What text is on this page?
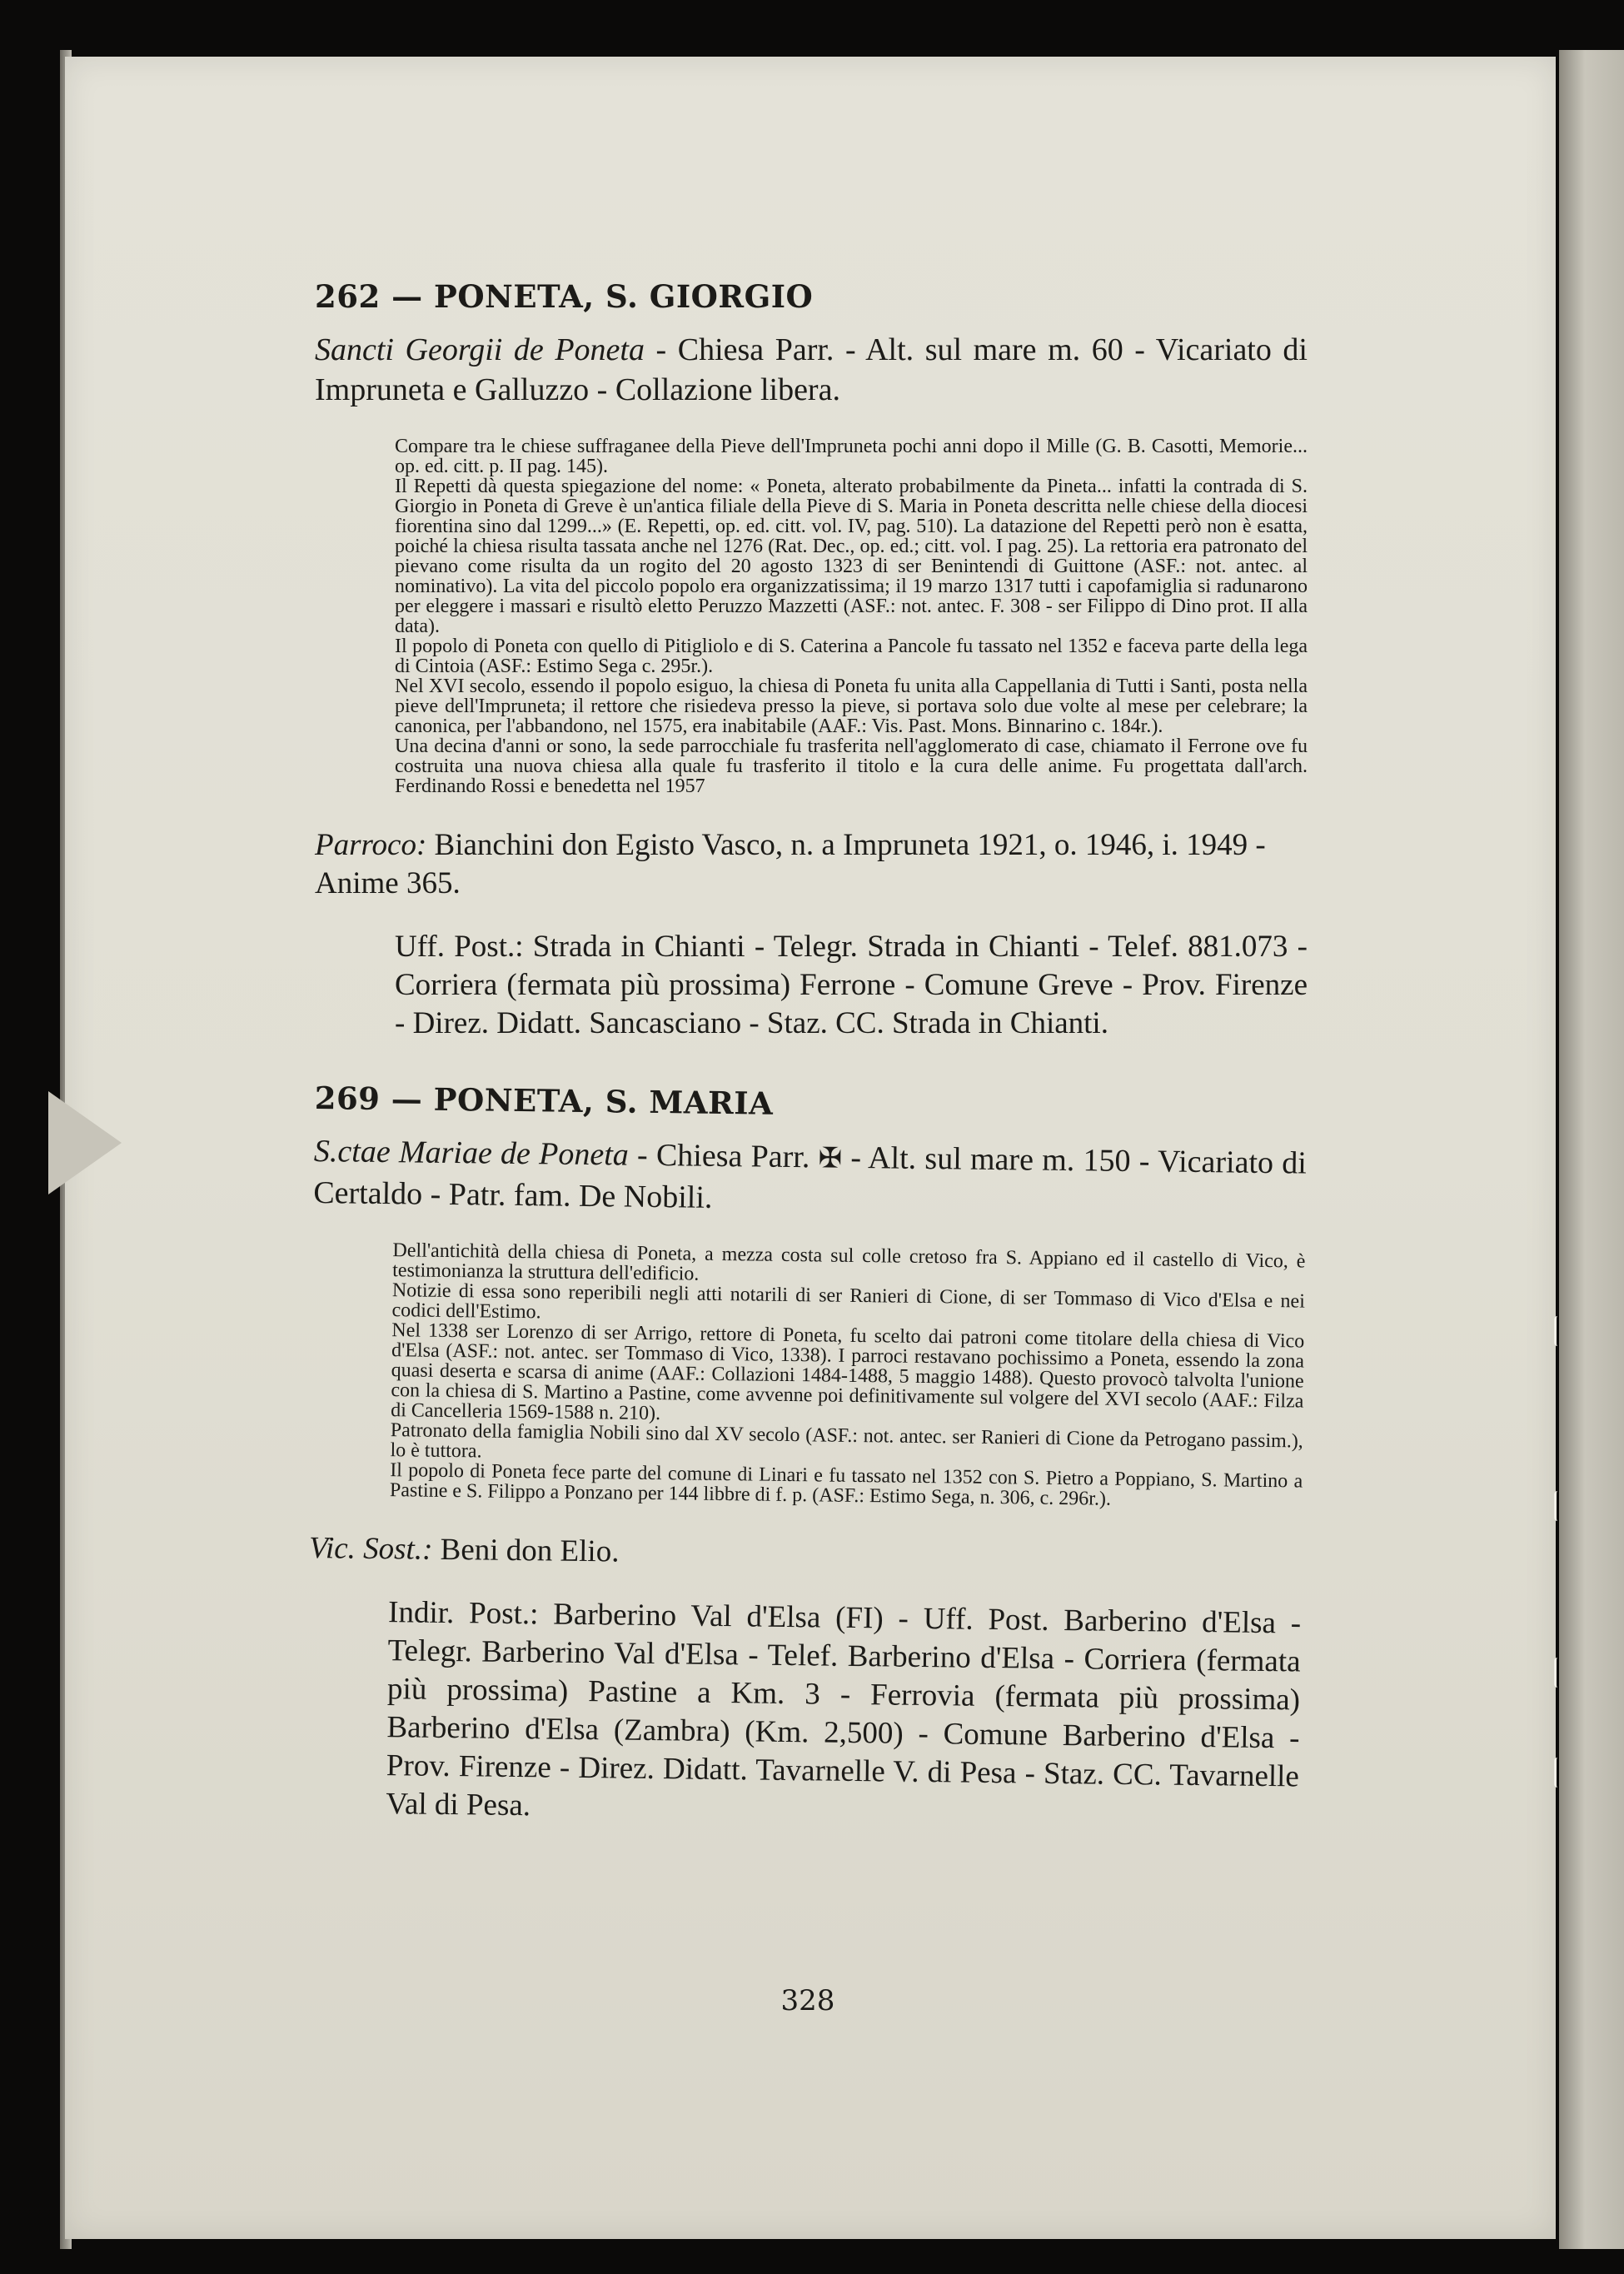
262 — PONETA, S. GIORGIO
Sancti Georgii de Poneta - Chiesa Parr. - Alt. sul mare m. 60 - Vicariato di Impruneta e Galluzzo - Collazione libera.

Compare tra le chiese suffraganee della Pieve dell'Impruneta pochi anni dopo il Mille (G. B. Casotti, Memorie... op. ed. citt. p. II pag. 145).

Il Repetti dà questa spiegazione del nome: « Poneta, alterato probabilmente da Pineta... infatti la contrada di S. Giorgio in Poneta di Greve è un'antica filiale della Pieve di S. Maria in Poneta descritta nelle chiese della diocesi fiorentina sino dal 1299...» (E. Repetti, op. ed. citt. vol. IV, pag. 510). La datazione del Repetti però non è esatta, poiché la chiesa risulta tassata anche nel 1276 (Rat. Dec., op. ed.; citt. vol. I pag. 25). La rettoria era patronato del pievano come risulta da un rogito del 20 agosto 1323 di ser Benintendi di Guittone (ASF.: not. antec. al nominativo). La vita del piccolo popolo era organizzatissima; il 19 marzo 1317 tutti i capofamiglia si radunarono per eleggere i massari e risultò eletto Peruzzo Mazzetti (ASF.: not. antec. F. 308 - ser Filippo di Dino prot. II alla data).

Il popolo di Poneta con quello di Pitigliolo e di S. Caterina a Pancole fu tassato nel 1352 e faceva parte della lega di Cintoia (ASF.: Estimo Sega c. 295r.).

Nel XVI secolo, essendo il popolo esiguo, la chiesa di Poneta fu unita alla Cappellania di Tutti i Santi, posta nella pieve dell'Impruneta; il rettore che risiedeva presso la pieve, si portava solo due volte al mese per celebrare; la canonica, per l'abbandono, nel 1575, era inabitabile (AAF.: Vis. Past. Mons. Binnarino c. 184r.).

Una decina d'anni or sono, la sede parrocchiale fu trasferita nell'agglomerato di case, chiamato il Ferrone ove fu costruita una nuova chiesa alla quale fu trasferito il titolo e la cura delle anime. Fu progettata dall'arch. Ferdinando Rossi e benedetta nel 1957

Parroco: Bianchini don Egisto Vasco, n. a Impruneta 1921, o. 1946, i. 1949 - Anime 365.
Uff. Post.: Strada in Chianti - Telegr. Strada in Chianti - Telef. 881.073 - Corriera (fermata più prossima) Ferrone - Comune Greve - Prov. Firenze - Direz. Didatt. Sancasciano - Staz. CC. Strada in Chianti.
269 — PONETA, S. MARIA
S.ctae Mariae de Poneta - Chiesa Parr. ✠ - Alt. sul mare m. 150 - Vicariato di Certaldo - Patr. fam. De Nobili.

Dell'antichità della chiesa di Poneta, a mezza costa sul colle cretoso fra S. Appiano ed il castello di Vico, è testimonianza la struttura dell'edificio.

Notizie di essa sono reperibili negli atti notarili di ser Ranieri di Cione, di ser Tommaso di Vico d'Elsa e nei codici dell'Estimo.

Nel 1338 ser Lorenzo di ser Arrigo, rettore di Poneta, fu scelto dai patroni come titolare della chiesa di Vico d'Elsa (ASF.: not. antec. ser Tommaso di Vico, 1338). I parroci restavano pochissimo a Poneta, essendo la zona quasi deserta e scarsa di anime (AAF.: Collazioni 1484-1488, 5 maggio 1488). Questo provocò talvolta l'unione con la chiesa di S. Martino a Pastine, come avvenne poi definitivamente sul volgere del XVI secolo (AAF.: Filza di Cancelleria 1569-1588 n. 210).

Patronato della famiglia Nobili sino dal XV secolo (ASF.: not. antec. ser Ranieri di Cione da Petrogano passim.), lo è tuttora.

Il popolo di Poneta fece parte del comune di Linari e fu tassato nel 1352 con S. Pietro a Poppiano, S. Martino a Pastine e S. Filippo a Ponzano per 144 libbre di f. p. (ASF.: Estimo Sega, n. 306, c. 296r.).

Vic. Sost.: Beni don Elio.
Indir. Post.: Barberino Val d'Elsa (FI) - Uff. Post. Barberino d'Elsa - Telegr. Barberino Val d'Elsa - Telef. Barberino d'Elsa - Corriera (fermata più prossima) Pastine a Km. 3 - Ferrovia (fermata più prossima) Barberino d'Elsa (Zambra) (Km. 2,500) - Comune Barberino d'Elsa - Prov. Firenze - Direz. Didatt. Tavarnelle V. di Pesa - Staz. CC. Tavarnelle Val di Pesa.
328
